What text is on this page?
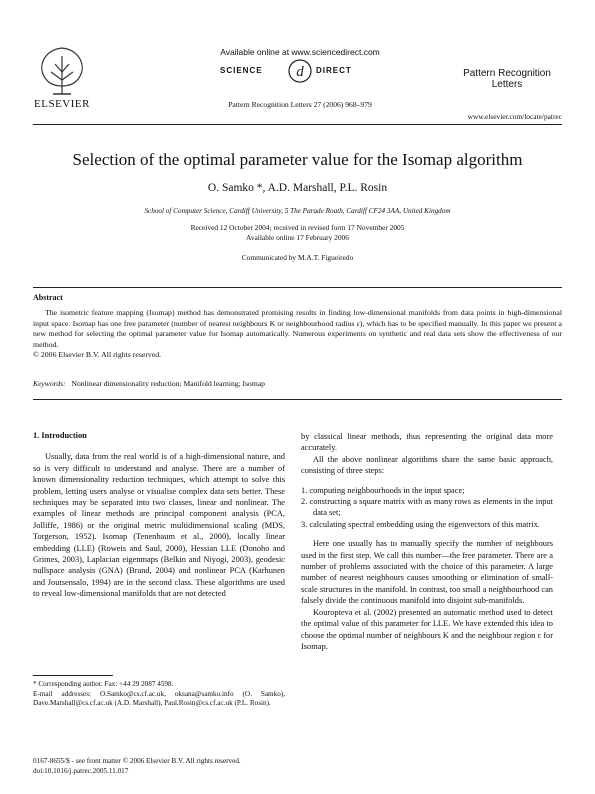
ELSEVIER
Available online at www.sciencedirect.com
d
SCIENCE	DIRECT
Pattern Recognition Letters 27 (2006) 968–979
Pattern Recognition
Letters
www.elsevier.com/locate/patrec
Selection of the optimal parameter value for the Isomap algorithm
O. Samko *, A.D. Marshall, P.L. Rosin
School of Computer Science, Cardiff University, 5 The Parade Roath, Cardiff CF24 3AA, United Kingdom
Received 12 October 2004; received in revised form 17 November 2005
Available online 17 February 2006
Communicated by M.A.T. Figueiredo
Abstract

The isometric feature mapping (Isomap) method has demonstrated promising results in finding low-dimensional manifolds from data points in high-dimensional input space. Isomap has one free parameter (number of nearest neighbours K or neighbourhood radius ε), which has to be specified manually. In this paper we present a new method for selecting the optimal parameter value for Isomap automatically. Numerous experiments on synthetic and real data sets show the effectiveness of our method.

© 2006 Elsevier B.V. All rights reserved.
Keywords: Nonlinear dimensionality reduction; Manifold learning; Isomap
1. Introduction

Usually, data from the real world is of a high-dimensional nature, and so is very difficult to understand and analyse. There are a number of known dimensionality reduction techniques, which attempt to solve this problem, letting users analyse or visualise complex data sets better. These techniques may be separated into two classes, linear and nonlinear. The examples of linear methods are principal component analysis (PCA, Jolliffe, 1986) or the original metric multidimensional scaling (MDS, Torgerson, 1952). Isomap (Tenenbaum et al., 2000), locally linear embedding (LLE) (Roweis and Saul, 2000), Hessian LLE (Donoho and Grimes, 2003), Laplacian eigenmaps (Belkin and Niyogi, 2003), geodesic nullspace analysis (GNA) (Brand, 2004) and nonlinear PCA (Karhunen and Joutsensalo, 1994) are in the second class. These algorithms are used to reveal low-dimensional manifolds that are not detected

* Corresponding author. Fax: +44 29 2087 4598.
E-mail addresses: O.Samko@cs.cf.ac.uk, oksana@samko.info (O. Samko), Dave.Marshall@cs.cf.ac.uk (A.D. Marshall), Paul.Rosin@cs.cf.ac.uk (P.L. Rosin).
0167-8655/$ - see front matter © 2006 Elsevier B.V. All rights reserved.
doi:10.1016/j.patrec.2005.11.017

by classical linear methods, thus representing the original data more accurately.

All the above nonlinear algorithms share the same basic approach, consisting of three steps:

1. computing neighbourhoods in the input space;
2. constructing a square matrix with as many rows as elements in the input data set;
3. calculating spectral embedding using the eigenvectors of this matrix.

Here one usually has to manually specify the number of neighbours used in the first step. We call this number—the free parameter. There are a number of problems associated with the choice of this parameter. A large number of nearest neighbours causes smoothing or elimination of small-scale structures in the manifold. In contrast, too small a neighbourhood can falsely divide the continuous manifold into disjoint sub-manifolds.

Kouropteva et al. (2002) presented an automatic method used to detect the optimal value of this parameter for LLE. We have extended this idea to choose the optimal number of neighbours K and the neighbour region ε for Isomap.
